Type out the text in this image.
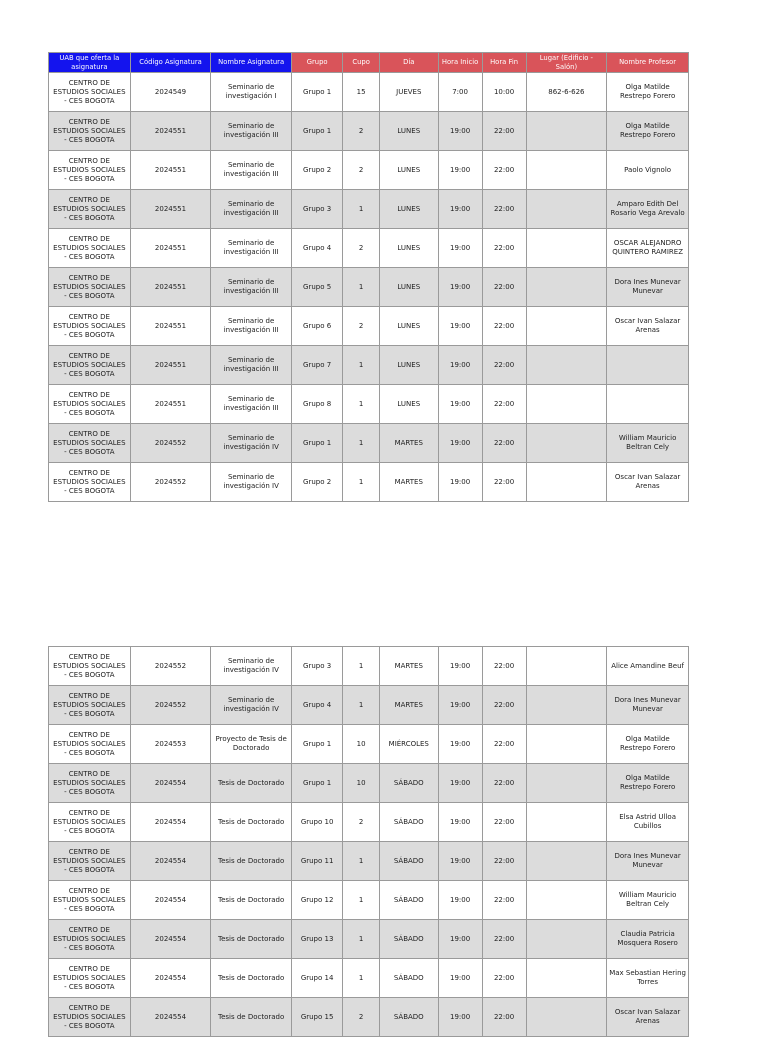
UAB que oferta la asignatura	Código Asignatura	Nombre Asignatura	Grupo	Cupo	Día	Hora Inicio	Hora Fin	Lugar (Edificio - Salón)	Nombre Profesor
CENTRO DE ESTUDIOS SOCIALES - CES BOGOTA	2024549	Seminario de investigación I	Grupo 1	15	JUEVES	7:00	10:00	862-6-626	Olga Matilde Restrepo Forero
CENTRO DE ESTUDIOS SOCIALES - CES BOGOTA	2024551	Seminario de investigación III	Grupo 1	2	LUNES	19:00	22:00		Olga Matilde Restrepo Forero
CENTRO DE ESTUDIOS SOCIALES - CES BOGOTA	2024551	Seminario de investigación III	Grupo 2	2	LUNES	19:00	22:00		Paolo Vignolo
CENTRO DE ESTUDIOS SOCIALES - CES BOGOTA	2024551	Seminario de investigación III	Grupo 3	1	LUNES	19:00	22:00		Amparo Edith Del Rosario Vega Arevalo
CENTRO DE ESTUDIOS SOCIALES - CES BOGOTA	2024551	Seminario de investigación III	Grupo 4	2	LUNES	19:00	22:00		OSCAR ALEJANDRO QUINTERO RAMIREZ
CENTRO DE ESTUDIOS SOCIALES - CES BOGOTA	2024551	Seminario de investigación III	Grupo 5	1	LUNES	19:00	22:00		Dora Ines Munevar Munevar
CENTRO DE ESTUDIOS SOCIALES - CES BOGOTA	2024551	Seminario de investigación III	Grupo 6	2	LUNES	19:00	22:00		Oscar Ivan Salazar Arenas
CENTRO DE ESTUDIOS SOCIALES - CES BOGOTA	2024551	Seminario de investigación III	Grupo 7	1	LUNES	19:00	22:00		
CENTRO DE ESTUDIOS SOCIALES - CES BOGOTA	2024551	Seminario de investigación III	Grupo 8	1	LUNES	19:00	22:00		
CENTRO DE ESTUDIOS SOCIALES - CES BOGOTA	2024552	Seminario de investigación IV	Grupo 1	1	MARTES	19:00	22:00		William Mauricio Beltran Cely
CENTRO DE ESTUDIOS SOCIALES - CES BOGOTA	2024552	Seminario de investigación IV	Grupo 2	1	MARTES	19:00	22:00		Oscar Ivan Salazar Arenas
CENTRO DE ESTUDIOS SOCIALES - CES BOGOTA	2024552	Seminario de investigación IV	Grupo 3	1	MARTES	19:00	22:00		Alice Amandine Beuf
CENTRO DE ESTUDIOS SOCIALES - CES BOGOTA	2024552	Seminario de investigación IV	Grupo 4	1	MARTES	19:00	22:00		Dora Ines Munevar Munevar
CENTRO DE ESTUDIOS SOCIALES - CES BOGOTA	2024553	Proyecto de Tesis de Doctorado	Grupo 1	10	MIÉRCOLES	19:00	22:00		Olga Matilde Restrepo Forero
CENTRO DE ESTUDIOS SOCIALES - CES BOGOTA	2024554	Tesis de Doctorado	Grupo 1	10	SÁBADO	19:00	22:00		Olga Matilde Restrepo Forero
CENTRO DE ESTUDIOS SOCIALES - CES BOGOTA	2024554	Tesis de Doctorado	Grupo 10	2	SÁBADO	19:00	22:00		Elsa Astrid Ulloa Cubillos
CENTRO DE ESTUDIOS SOCIALES - CES BOGOTA	2024554	Tesis de Doctorado	Grupo 11	1	SÁBADO	19:00	22:00		Dora Ines Munevar Munevar
CENTRO DE ESTUDIOS SOCIALES - CES BOGOTA	2024554	Tesis de Doctorado	Grupo 12	1	SÁBADO	19:00	22:00		William Mauricio Beltran Cely
CENTRO DE ESTUDIOS SOCIALES - CES BOGOTA	2024554	Tesis de Doctorado	Grupo 13	1	SÁBADO	19:00	22:00		Claudia Patricia Mosquera Rosero
CENTRO DE ESTUDIOS SOCIALES - CES BOGOTA	2024554	Tesis de Doctorado	Grupo 14	1	SÁBADO	19:00	22:00		Max Sebastian Hering Torres
CENTRO DE ESTUDIOS SOCIALES - CES BOGOTA	2024554	Tesis de Doctorado	Grupo 15	2	SÁBADO	19:00	22:00		Oscar Ivan Salazar Arenas
